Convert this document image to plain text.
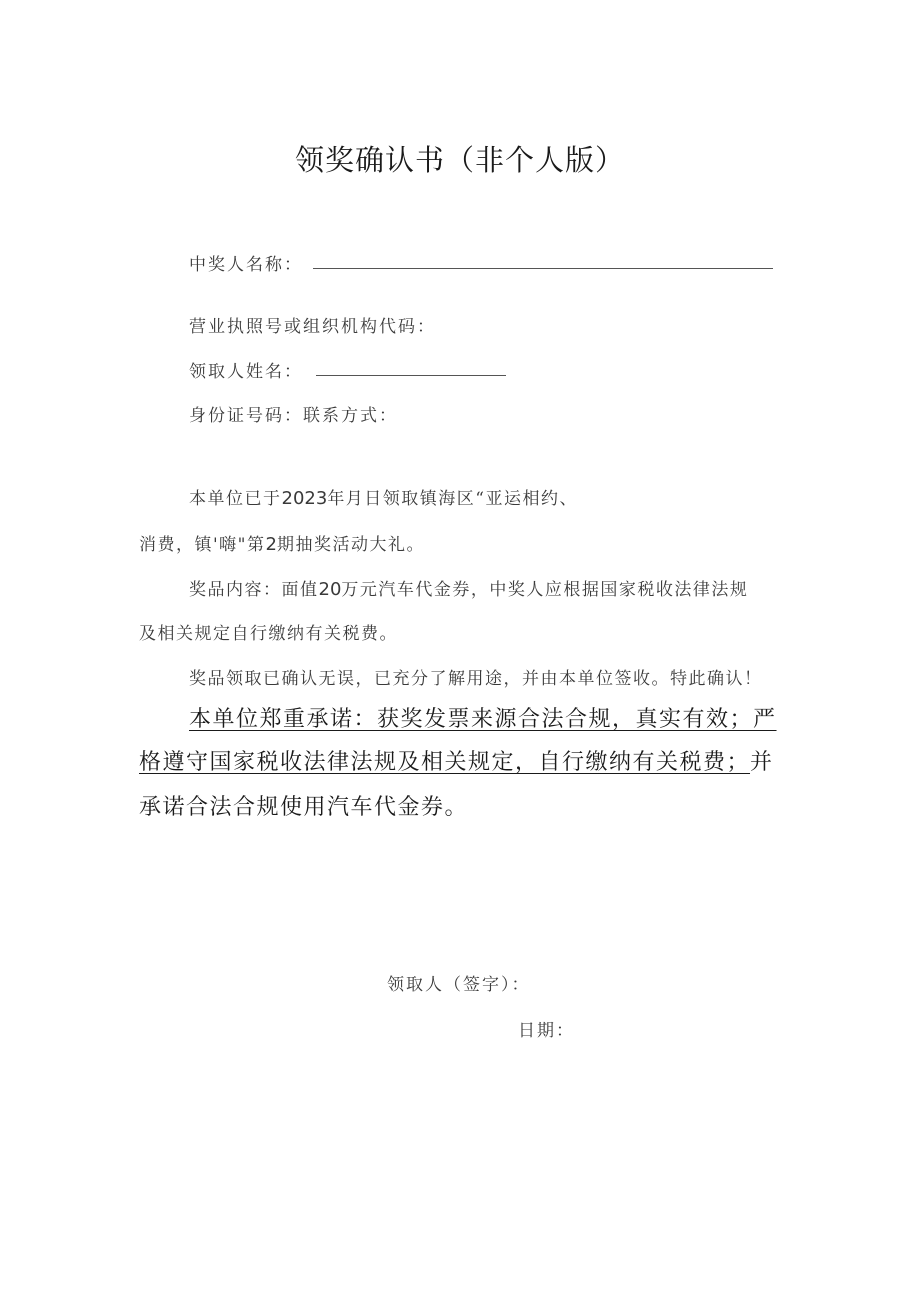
领奖确认书（非个人版）
中奖人名称：
营业执照号或组织机构代码：
领取人姓名：
身份证号码：联系方式：
本单位已于2023年月日领取镇海区“亚运相约、
消费，镇'嗨"第2期抽奖活动大礼。
奖品内容：面值20万元汽车代金券，中奖人应根据国家税收法律法规
及相关规定自行缴纳有关税费。
奖品领取已确认无误，已充分了解用途，并由本单位签收。特此确认！
本单位郑重承诺：获奖发票来源合法合规，真实有效；严
格遵守国家税收法律法规及相关规定，自行缴纳有关税费；并
承诺合法合规使用汽车代金券。
领取人（签字）：
日期：
